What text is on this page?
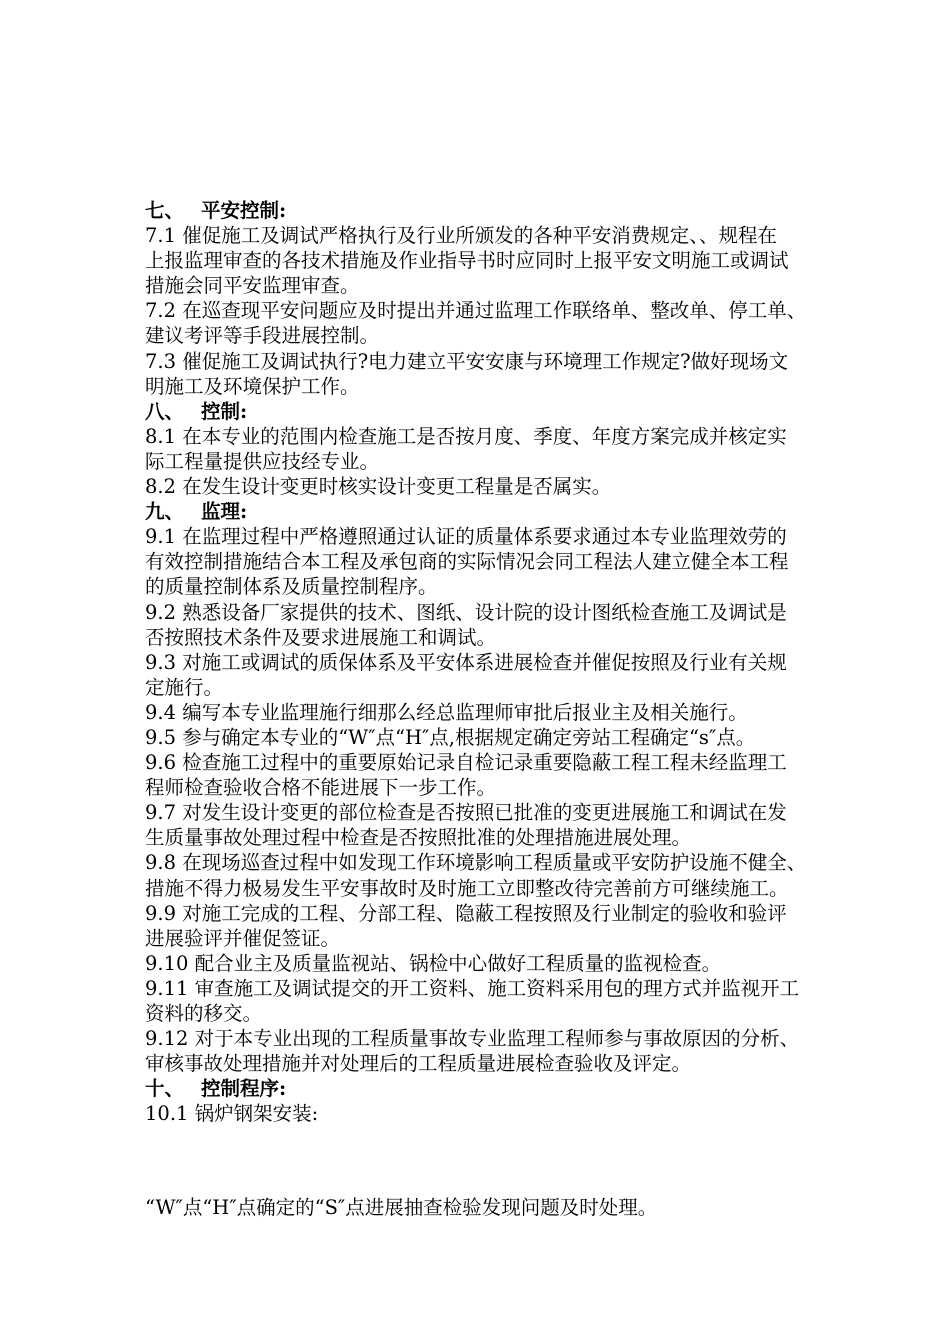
七、 平安控制:

7.1 催促施工及调试严格执行及行业所颁发的各种平安消费规定、、规程在

上报监理审查的各技术措施及作业指导书时应同时上报平安文明施工或调试

措施会同平安监理审查。

7.2 在巡查现平安问题应及时提出并通过监理工作联络单、整改单、停工单、

建议考评等手段进展控制。

7.3 催促施工及调试执行?电力建立平安安康与环境理工作规定?做好现场文

明施工及环境保护工作。

八、 控制:

8.1 在本专业的范围内检查施工是否按月度、季度、年度方案完成并核定实

际工程量提供应技经专业。

8.2 在发生设计变更时核实设计变更工程量是否属实。

九、 监理:

9.1 在监理过程中严格遵照通过认证的质量体系要求通过本专业监理效劳的

有效控制措施结合本工程及承包商的实际情况会同工程法人建立健全本工程

的质量控制体系及质量控制程序。

9.2 熟悉设备厂家提供的技术、图纸、设计院的设计图纸检查施工及调试是

否按照技术条件及要求进展施工和调试。

9.3 对施工或调试的质保体系及平安体系进展检查并催促按照及行业有关规

定施行。

9.4 编写本专业监理施行细那么经总监理师审批后报业主及相关施行。

9.5 参与确定本专业的“W″点“H″点,根据规定确定旁站工程确定“s″点。

9.6 检查施工过程中的重要原始记录自检记录重要隐蔽工程工程未经监理工

程师检查验收合格不能进展下一步工作。

9.7 对发生设计变更的部位检查是否按照已批准的变更进展施工和调试在发

生质量事故处理过程中检查是否按照批准的处理措施进展处理。

9.8 在现场巡查过程中如发现工作环境影响工程质量或平安防护设施不健全、

措施不得力极易发生平安事故时及时施工立即整改待完善前方可继续施工。

9.9 对施工完成的工程、分部工程、隐蔽工程按照及行业制定的验收和验评

进展验评并催促签证。

9.10 配合业主及质量监视站、锅检中心做好工程质量的监视检查。

9.11 审查施工及调试提交的开工资料、施工资料采用包的理方式并监视开工

资料的移交。

9.12 对于本专业出现的工程质量事故专业监理工程师参与事故原因的分析、

审核事故处理措施并对处理后的工程质量进展检查验收及评定。

十、 控制程序:

10.1 锅炉钢架安装:

“W″点“H″点确定的“S″点进展抽查检验发现问题及时处理。
